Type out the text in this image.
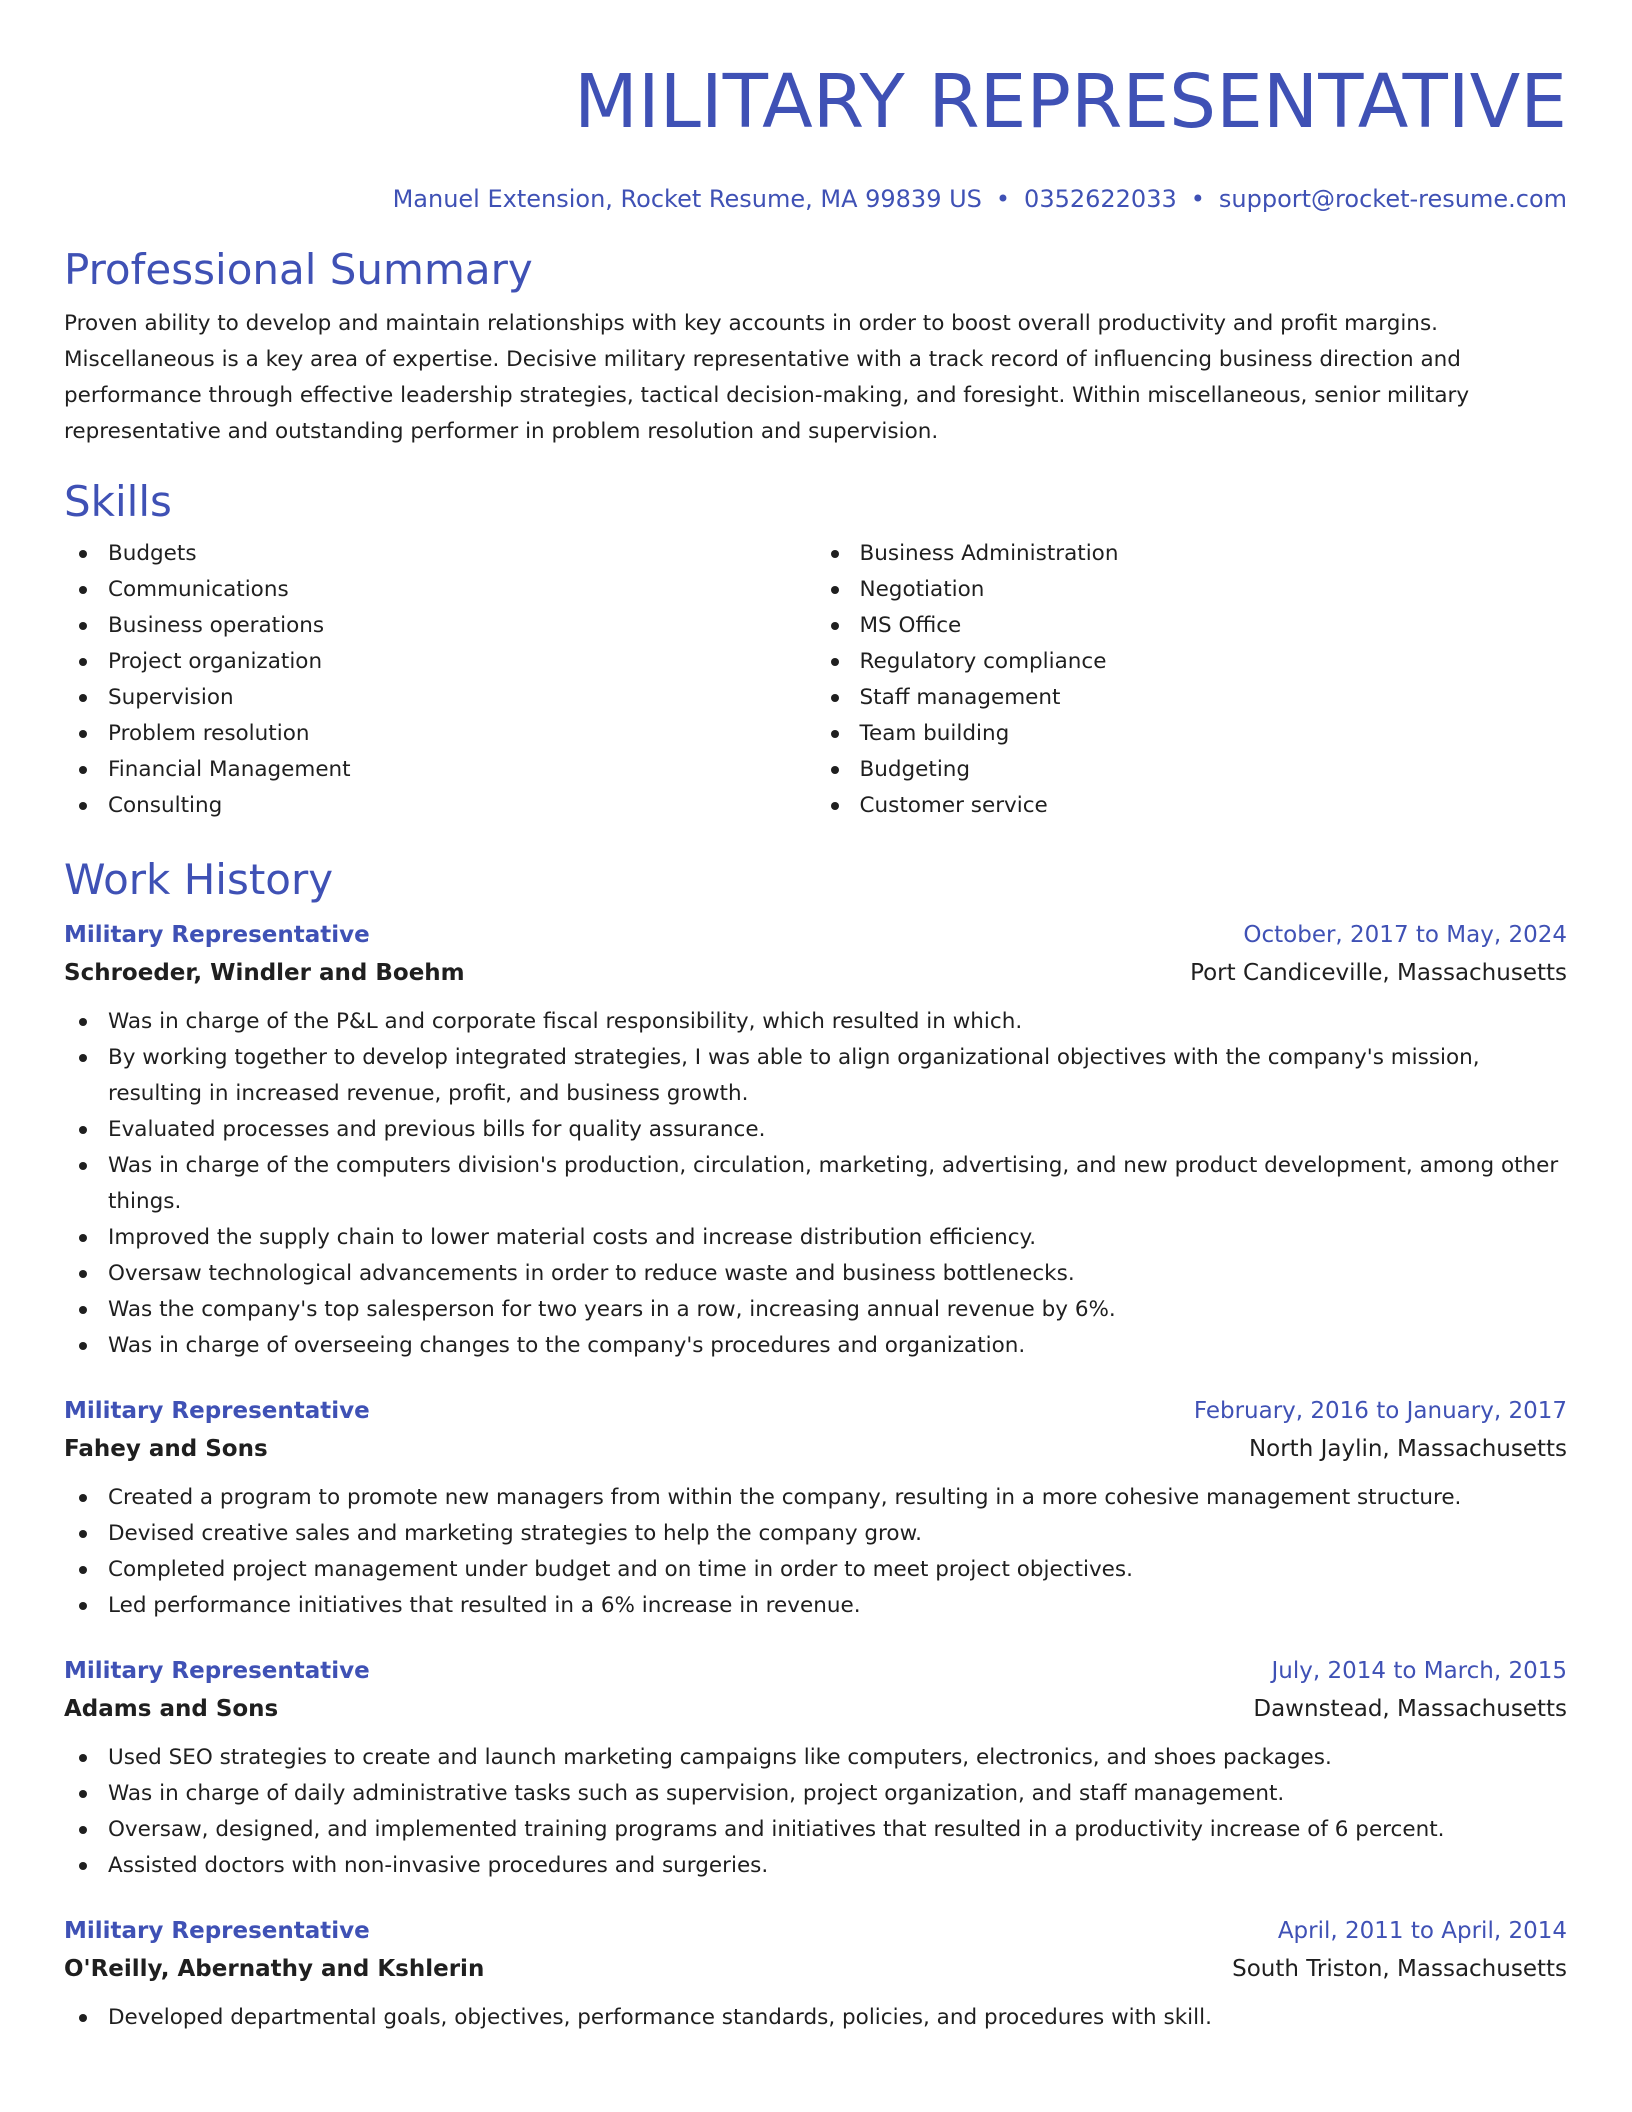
MILITARY REPRESENTATIVE
Manuel Extension, Rocket Resume, MA 99839 US • 0352622033 • support@rocket-resume.com
Professional Summary
Proven ability to develop and maintain relationships with key accounts in order to boost overall productivity and profit margins. Miscellaneous is a key area of expertise. Decisive military representative with a track record of influencing business direction and performance through effective leadership strategies, tactical decision-making, and foresight. Within miscellaneous, senior military representative and outstanding performer in problem resolution and supervision.
Skills
Budgets
Communications
Business operations
Project organization
Supervision
Problem resolution
Financial Management
Consulting
Business Administration
Negotiation
MS Office
Regulatory compliance
Staff management
Team building
Budgeting
Customer service
Work History
Military Representative	October, 2017 to May, 2024
Schroeder, Windler and Boehm	Port Candiceville, Massachusetts
Was in charge of the P&L and corporate fiscal responsibility, which resulted in which.
By working together to develop integrated strategies, I was able to align organizational objectives with the company's mission, resulting in increased revenue, profit, and business growth.
Evaluated processes and previous bills for quality assurance.
Was in charge of the computers division's production, circulation, marketing, advertising, and new product development, among other things.
Improved the supply chain to lower material costs and increase distribution efficiency.
Oversaw technological advancements in order to reduce waste and business bottlenecks.
Was the company's top salesperson for two years in a row, increasing annual revenue by 6%.
Was in charge of overseeing changes to the company's procedures and organization.
Military Representative	February, 2016 to January, 2017
Fahey and Sons	North Jaylin, Massachusetts
Created a program to promote new managers from within the company, resulting in a more cohesive management structure.
Devised creative sales and marketing strategies to help the company grow.
Completed project management under budget and on time in order to meet project objectives.
Led performance initiatives that resulted in a 6% increase in revenue.
Military Representative	July, 2014 to March, 2015
Adams and Sons	Dawnstead, Massachusetts
Used SEO strategies to create and launch marketing campaigns like computers, electronics, and shoes packages.
Was in charge of daily administrative tasks such as supervision, project organization, and staff management.
Oversaw, designed, and implemented training programs and initiatives that resulted in a productivity increase of 6 percent.
Assisted doctors with non-invasive procedures and surgeries.
Military Representative	April, 2011 to April, 2014
O'Reilly, Abernathy and Kshlerin	South Triston, Massachusetts
Developed departmental goals, objectives, performance standards, policies, and procedures with skill.
